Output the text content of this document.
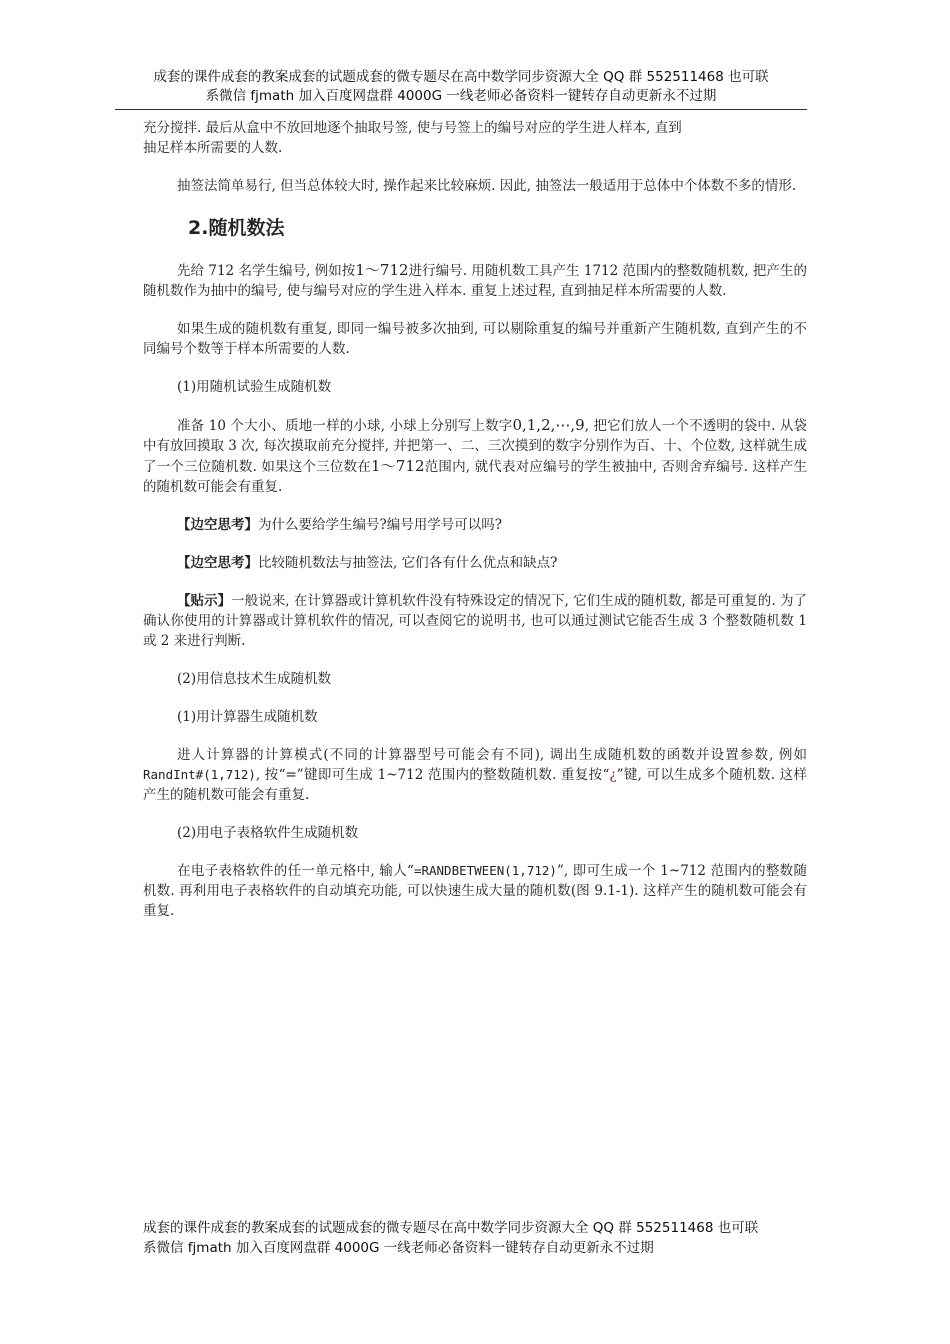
成套的课件成套的教案成套的试题成套的微专题尽在高中数学同步资源大全 QQ 群 552511468 也可联
系微信 fjmath 加入百度网盘群 4000G 一线老师必备资料一键转存自动更新永不过期

充分搅拌. 最后从盒中不放回地逐个抽取号签, 使与号签上的编号对应的学生进人样本, 直到
抽足样本所需要的人数.

抽签法简单易行, 但当总体较大时, 操作起来比较麻烦. 因此, 抽签法一般适用于总体中个体数不多的情形.

2.随机数法

先给 712 名学生编号, 例如按1～712进行编号. 用随机数工具产生 1712 范围内的整数随机数, 把产生的随机数作为抽中的编号, 使与编号对应的学生进入样本. 重复上述过程, 直到抽足样本所需要的人数.

如果生成的随机数有重复, 即同一编号被多次抽到, 可以剔除重复的编号并重新产生随机数, 直到产生的不同编号个数等于样本所需要的人数.

(1)用随机试验生成随机数

准备 10 个大小、质地一样的小球, 小球上分别写上数字0,1,2,⋯,9, 把它们放人一个不透明的袋中. 从袋中有放回摸取 3 次, 每次摸取前充分搅拌, 并把第一、二、三次摸到的数字分别作为百、十、个位数, 这样就生成了一个三位随机数. 如果这个三位数在1～712范围内, 就代表对应编号的学生被抽中, 否则舍弃编号. 这样产生的随机数可能会有重复.

【边空思考】为什么要给学生编号?编号用学号可以吗?

【边空思考】比较随机数法与抽签法, 它们各有什么优点和缺点?

【贴示】一般说来, 在计算器或计算机软件没有特殊设定的情况下, 它们生成的随机数, 都是可重复的. 为了确认你使用的计算器或计算机软件的情况, 可以查阅它的说明书, 也可以通过测试它能否生成 3 个整数随机数 1 或 2 来进行判断.

(2)用信息技术生成随机数

(1)用计算器生成随机数

进人计算器的计算模式(不同的计算器型号可能会有不同), 调出生成随机数的函数并设置参数, 例如RandInt#(1,712), 按“=”键即可生成 1~712 范围内的整数随机数. 重复按“¿”键, 可以生成多个随机数. 这样产生的随机数可能会有重复.

(2)用电子表格软件生成随机数

在电子表格软件的任一单元格中, 输人“=RANDBETWEEN(1,712)”, 即可生成一个 1~712 范围内的整数随机数. 再利用电子表格软件的自动填充功能, 可以快速生成大量的随机数(图 9.1-1). 这样产生的随机数可能会有重复.

成套的课件成套的教案成套的试题成套的微专题尽在高中数学同步资源大全 QQ 群 552511468 也可联
系微信 fjmath 加入百度网盘群 4000G 一线老师必备资料一键转存自动更新永不过期
